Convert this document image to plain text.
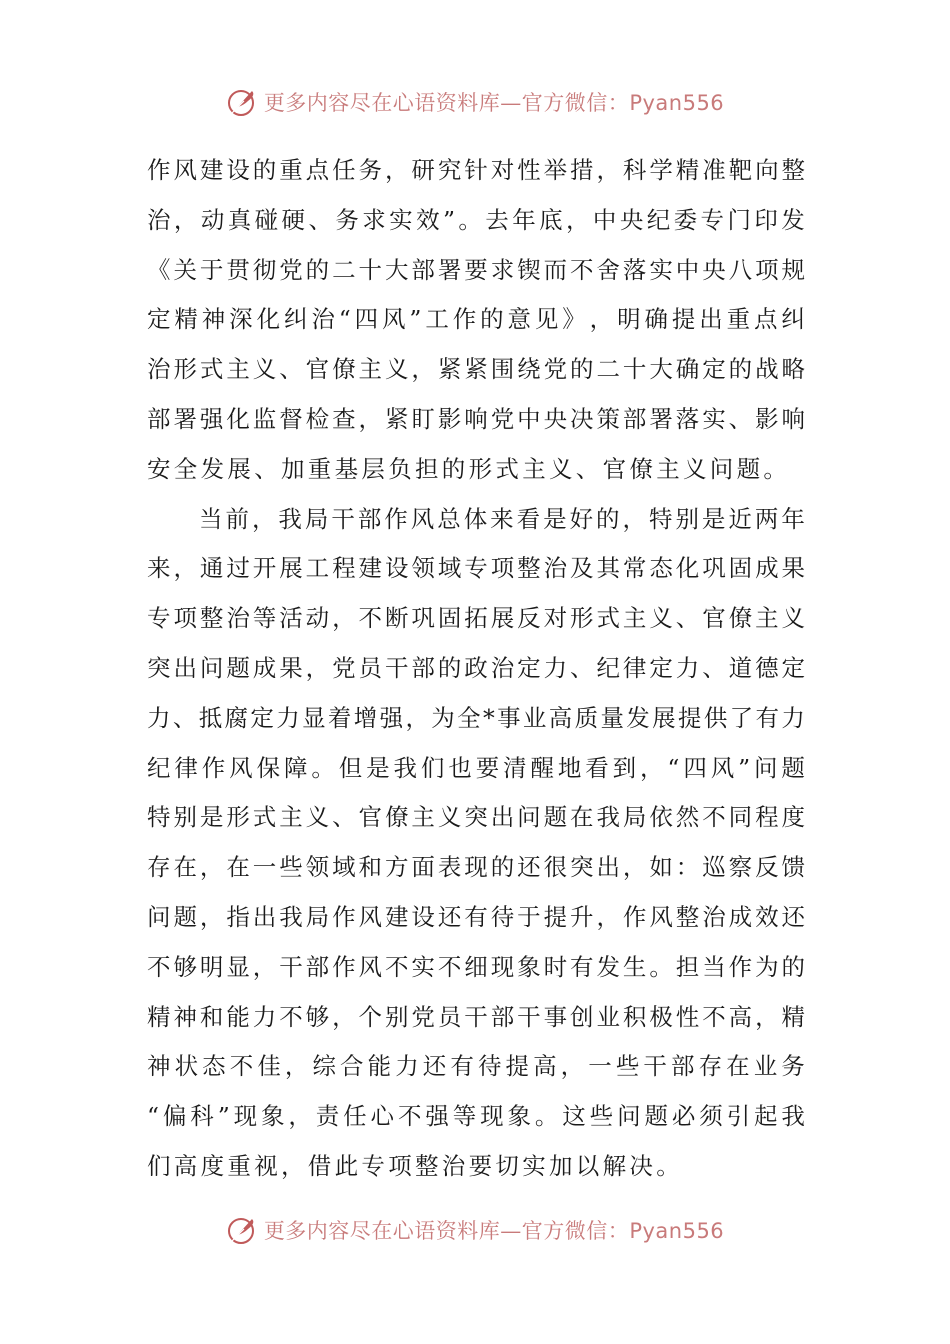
更多内容尽在心语资料库—官方微信：Pyan556
作 风 建 设 的 重 点 任 务 ， 研 究 针 对 性 举 措 ， 科 学 精 准 靶 向 整
治 ， 动 真 碰 硬 、 务 求 实 效 ” 。 去 年 底 ， 中 央 纪 委 专 门 印 发
《 关 于 贯 彻 党 的 二 十 大 部 署 要 求 锲 而 不 舍 落 实 中 央 八 项 规
定 精 神 深 化 纠 治 “ 四 风 ” 工 作 的 意 见 》 ， 明 确 提 出 重 点 纠
治 形 式 主 义 、 官 僚 主 义 ， 紧 紧 围 绕 党 的 二 十 大 确 定 的 战 略
部 署 强 化 监 督 检 查 ， 紧 盯 影 响 党 中 央 决 策 部 署 落 实 、 影 响
安全发展、加重基层负担的形式主义、官僚主义问题。
当 前 ， 我 局 干 部 作 风 总 体 来 看 是 好 的 ， 特 别 是 近 两 年
来 ， 通 过 开 展 工 程 建 设 领 域 专 项 整 治 及 其 常 态 化 巩 固 成 果
专 项 整 治 等 活 动 ， 不 断 巩 固 拓 展 反 对 形 式 主 义 、 官 僚 主 义
突 出 问 题 成 果 ， 党 员 干 部 的 政 治 定 力 、 纪 律 定 力 、 道 德 定
力 、 抵 腐 定 力 显 着 增 强 ， 为 全 * 事 业 高 质 量 发 展 提 供 了 有 力
纪 律 作 风 保 障 。 但 是 我 们 也 要 清 醒 地 看 到 ， “ 四 风 ” 问 题
特 别 是 形 式 主 义 、 官 僚 主 义 突 出 问 题 在 我 局 依 然 不 同 程 度
存 在 ， 在 一 些 领 域 和 方 面 表 现 的 还 很 突 出 ， 如 ： 巡 察 反 馈
问 题 ， 指 出 我 局 作 风 建 设 还 有 待 于 提 升 ， 作 风 整 治 成 效 还
不 够 明 显 ， 干 部 作 风 不 实 不 细 现 象 时 有 发 生 。 担 当 作 为 的
精 神 和 能 力 不 够 ， 个 别 党 员 干 部 干 事 创 业 积 极 性 不 高 ， 精
神 状 态 不 佳 ， 综 合 能 力 还 有 待 提 高 ， 一 些 干 部 存 在 业 务
“ 偏 科 ” 现 象 ， 责 任 心 不 强 等 现 象 。 这 些 问 题 必 须 引 起 我
们高度重视，借此专项整治要切实加以解决。
更多内容尽在心语资料库—官方微信：Pyan556
